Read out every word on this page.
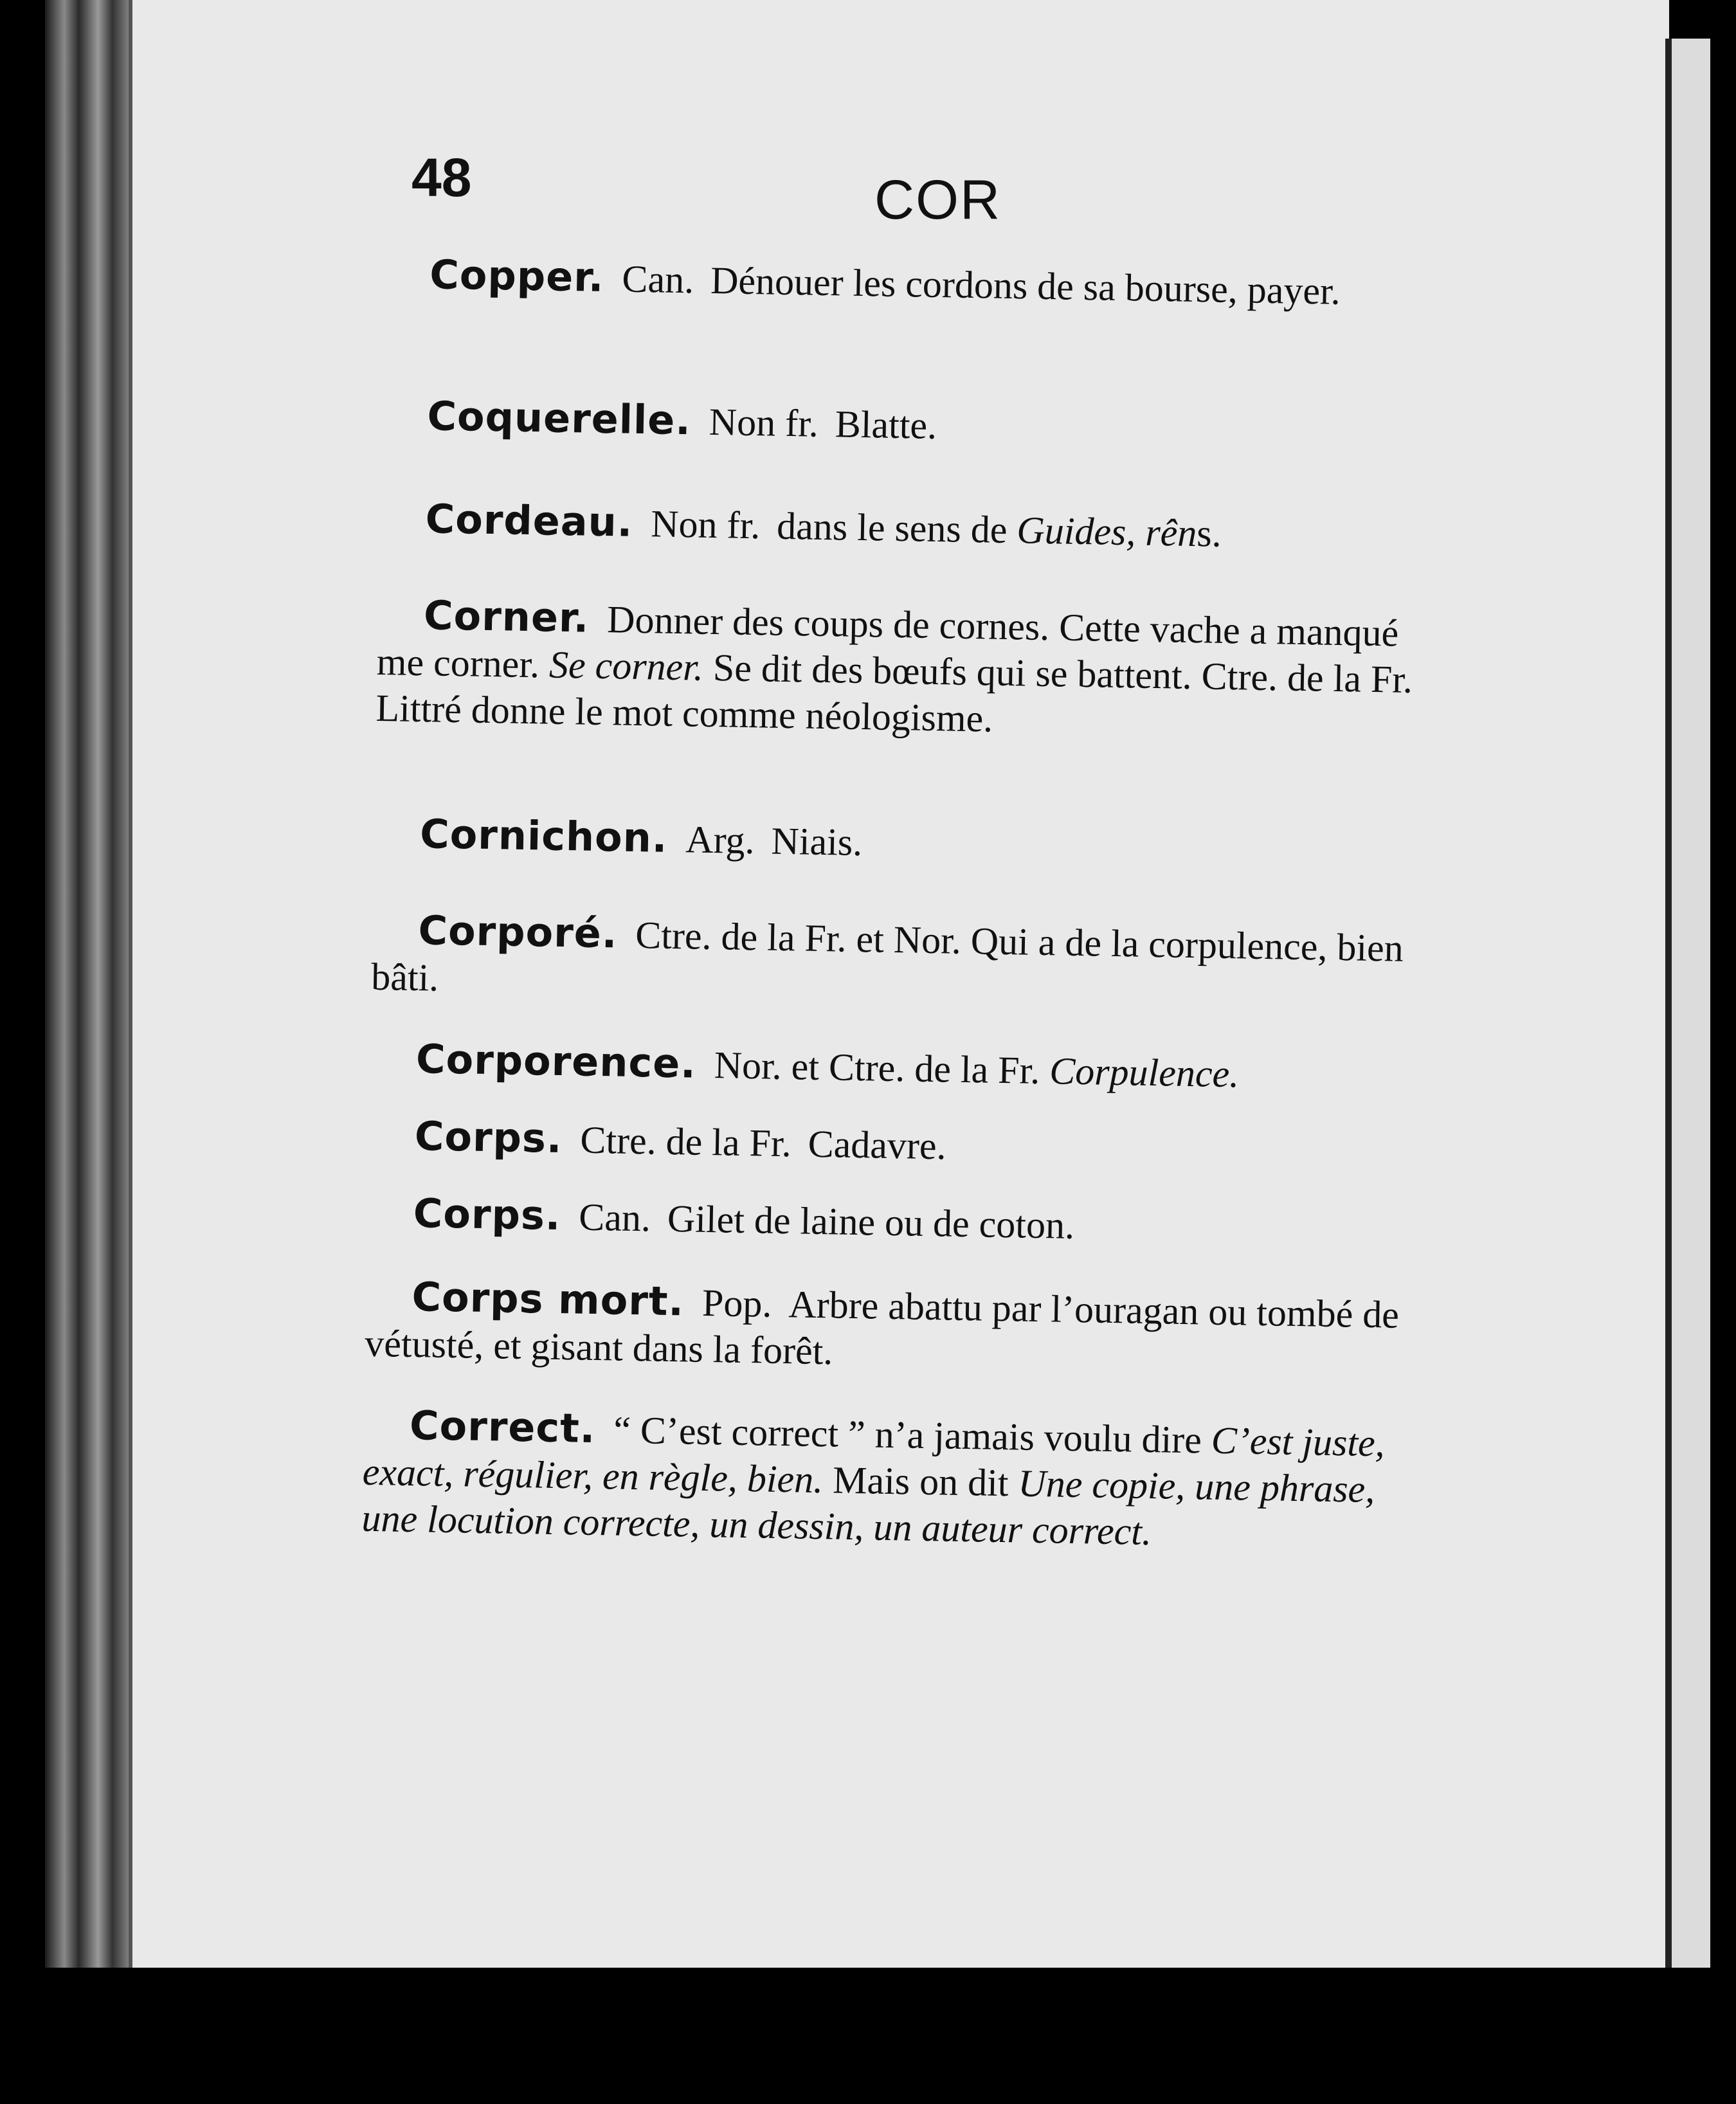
48	COR
Copper. Can. Dénouer les cordons de sa bourse, payer.
Coquerelle. Non fr. Blatte.
Cordeau. Non fr. dans le sens de Guides, rêns.
Corner. Donner des coups de cornes. Cette vache a manqué me corner. Se corner. Se dit des bœufs qui se battent. Ctre. de la Fr. Littré donne le mot comme néologisme.
Cornichon. Arg. Niais.
Corporé. Ctre. de la Fr. et Nor. Qui a de la corpulence, bien bâti.
Corporence. Nor. et Ctre. de la Fr. Corpulence.
Corps. Ctre. de la Fr. Cadavre.
Corps. Can. Gilet de laine ou de coton.
Corps mort. Pop. Arbre abattu par l’ouragan ou tombé de vétusté, et gisant dans la forêt.
Correct. “ C’est correct ” n’a jamais voulu dire C’est juste, exact, régulier, en règle, bien. Mais on dit Une copie, une phrase, une locution correcte, un dessin, un auteur correct.
